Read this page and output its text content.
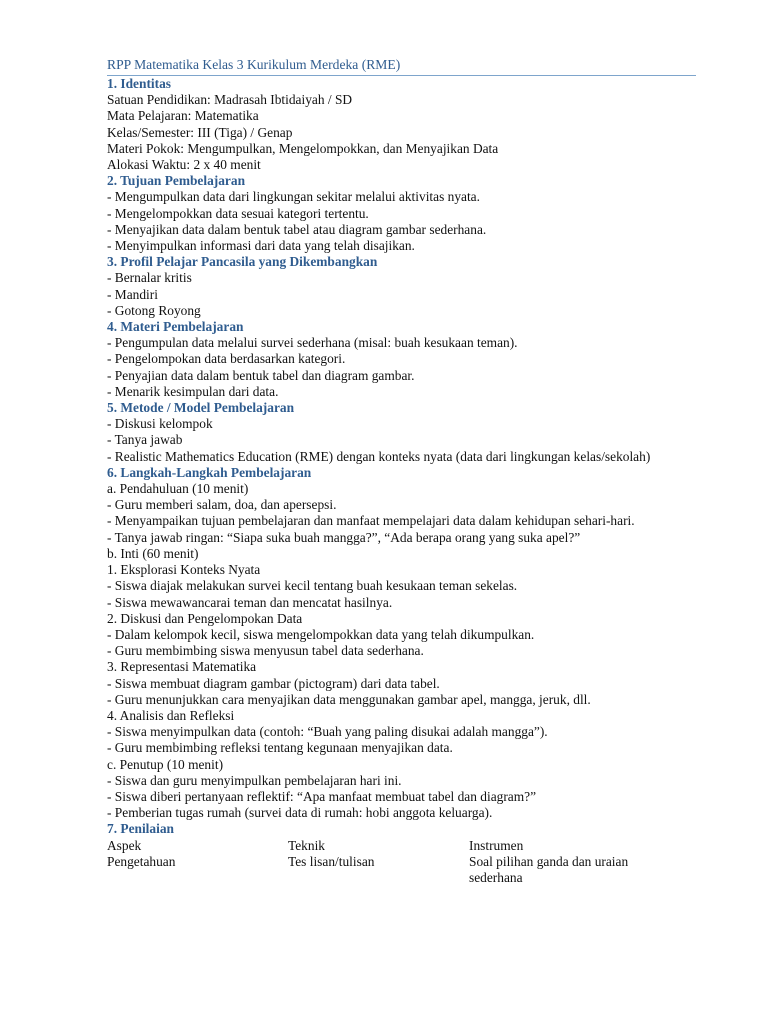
RPP Matematika Kelas 3 Kurikulum Merdeka (RME)
1. Identitas
Satuan Pendidikan: Madrasah Ibtidaiyah / SD
Mata Pelajaran: Matematika
Kelas/Semester: III (Tiga) / Genap
Materi Pokok: Mengumpulkan, Mengelompokkan, dan Menyajikan Data
Alokasi Waktu: 2 x 40 menit
2. Tujuan Pembelajaran
- Mengumpulkan data dari lingkungan sekitar melalui aktivitas nyata.
- Mengelompokkan data sesuai kategori tertentu.
- Menyajikan data dalam bentuk tabel atau diagram gambar sederhana.
- Menyimpulkan informasi dari data yang telah disajikan.
3. Profil Pelajar Pancasila yang Dikembangkan
- Bernalar kritis
- Mandiri
- Gotong Royong
4. Materi Pembelajaran
- Pengumpulan data melalui survei sederhana (misal: buah kesukaan teman).
- Pengelompokan data berdasarkan kategori.
- Penyajian data dalam bentuk tabel dan diagram gambar.
- Menarik kesimpulan dari data.
5. Metode / Model Pembelajaran
- Diskusi kelompok
- Tanya jawab
- Realistic Mathematics Education (RME) dengan konteks nyata (data dari lingkungan kelas/sekolah)
6. Langkah-Langkah Pembelajaran
a. Pendahuluan (10 menit)
- Guru memberi salam, doa, dan apersepsi.
- Menyampaikan tujuan pembelajaran dan manfaat mempelajari data dalam kehidupan sehari-hari.
- Tanya jawab ringan: “Siapa suka buah mangga?”, “Ada berapa orang yang suka apel?”
b. Inti (60 menit)
1. Eksplorasi Konteks Nyata
- Siswa diajak melakukan survei kecil tentang buah kesukaan teman sekelas.
- Siswa mewawancarai teman dan mencatat hasilnya.
2. Diskusi dan Pengelompokan Data
- Dalam kelompok kecil, siswa mengelompokkan data yang telah dikumpulkan.
- Guru membimbing siswa menyusun tabel data sederhana.
3. Representasi Matematika
- Siswa membuat diagram gambar (pictogram) dari data tabel.
- Guru menunjukkan cara menyajikan data menggunakan gambar apel, mangga, jeruk, dll.
4. Analisis dan Refleksi
- Siswa menyimpulkan data (contoh: “Buah yang paling disukai adalah mangga”).
- Guru membimbing refleksi tentang kegunaan menyajikan data.
c. Penutup (10 menit)
- Siswa dan guru menyimpulkan pembelajaran hari ini.
- Siswa diberi pertanyaan reflektif: “Apa manfaat membuat tabel dan diagram?”
- Pemberian tugas rumah (survei data di rumah: hobi anggota keluarga).
7. Penilaian
Aspek	Teknik	Instrumen
Pengetahuan	Tes lisan/tulisan	Soal pilihan ganda dan uraian sederhana
